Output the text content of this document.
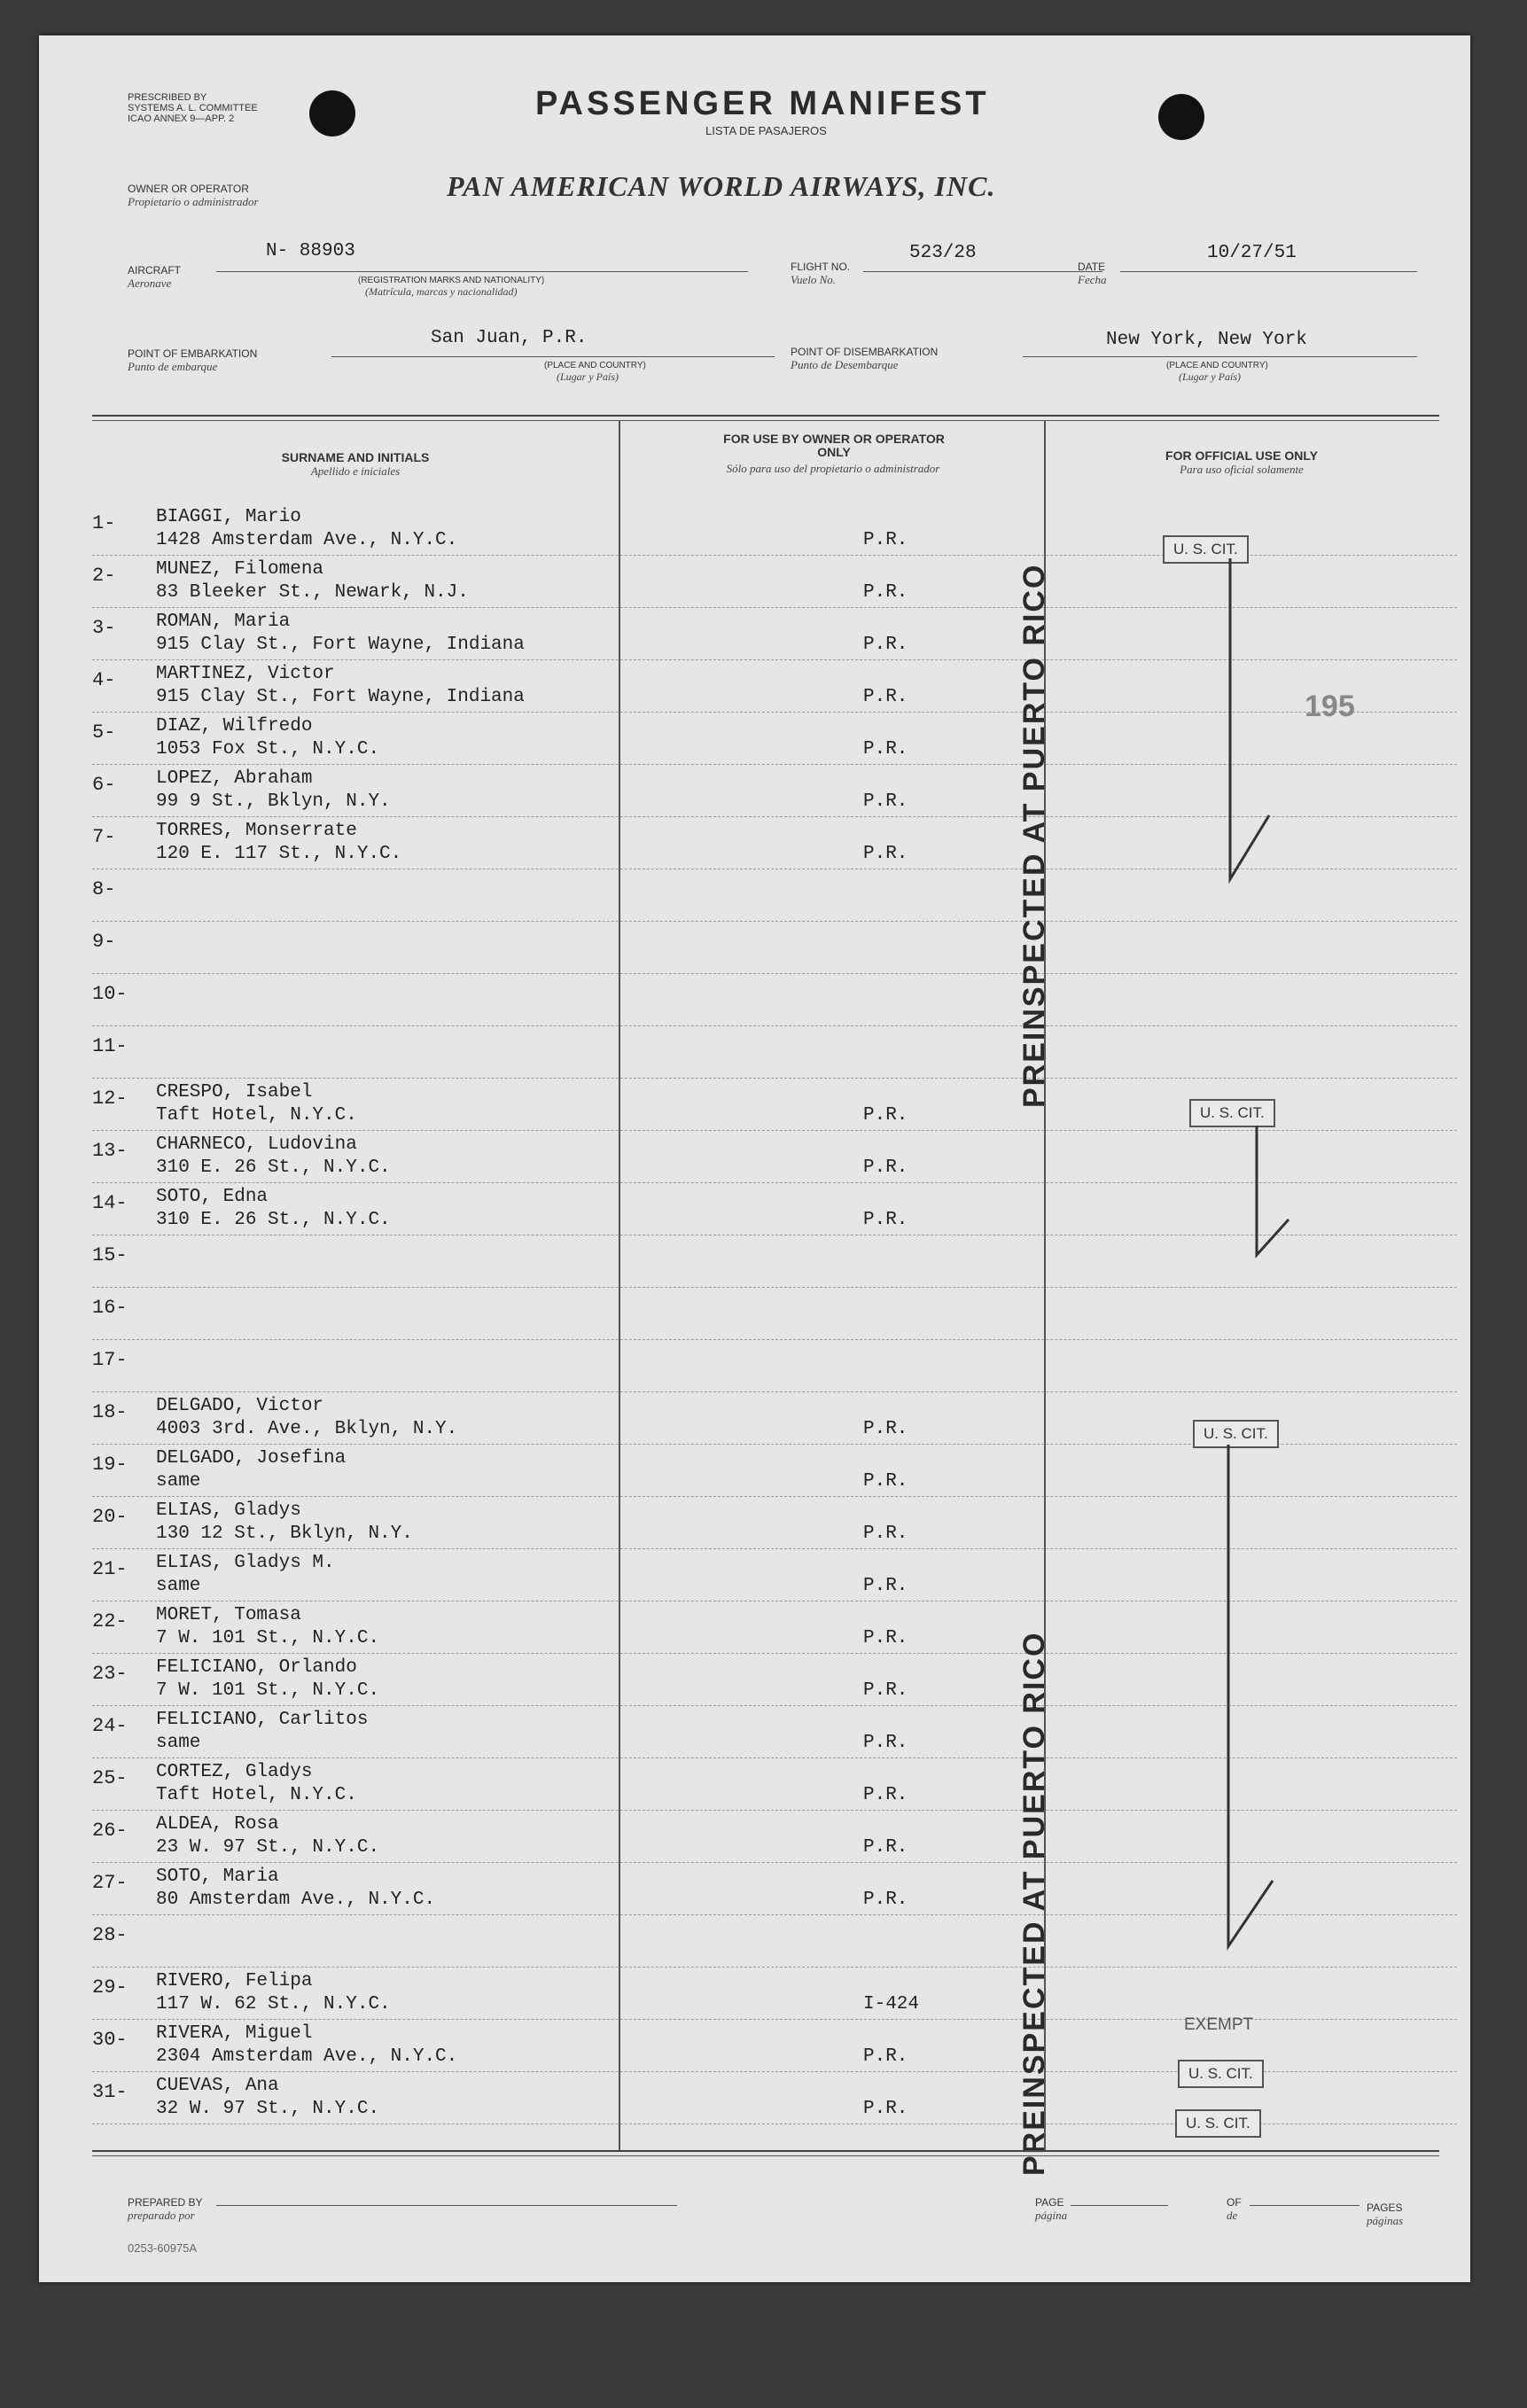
PRESCRIBED BY
SYSTEMS A. L. COMMITTEE
ICAO ANNEX 9—APP. 2	PASSENGER MANIFEST
LISTA DE PASAJEROS
OWNER OR OPERATOR
Propietario o administrador	PAN AMERICAN WORLD AIRWAYS, INC.
AIRCRAFT
Aeronave
N- 88903
(REGISTRATION MARKS AND NATIONALITY)
(Matrícula, marcas y nacionalidad)
FLIGHT NO.
Vuelo No.
523/28
DATE
Fecha
10/27/51
POINT OF EMBARKATION
Punto de embarque
San Juan, P.R.
(PLACE AND COUNTRY)
(Lugar y País)
POINT OF DISEMBARKATION
Punto de Desembarque
New York, New York
(PLACE AND COUNTRY)
(Lugar y País)
SURNAME AND INITIALS
Apellido e iniciales
FOR USE BY OWNER OR OPERATOR ONLY
Sólo para uso del propietario o administrador
FOR OFFICIAL USE ONLY
Para uso oficial solamente
1- BIAGGI, Mario
1428 Amsterdam Ave., N.Y.C.	P.R.
2- MUNEZ, Filomena
83 Bleeker St., Newark, N.J.	P.R.
3- ROMAN, Maria
915 Clay St., Fort Wayne, Indiana	P.R.
4- MARTINEZ, Victor
915 Clay St., Fort Wayne, Indiana	P.R.
5- DIAZ, Wilfredo
1053 Fox St., N.Y.C.	P.R.
6- LOPEZ, Abraham
99 9 St., Bklyn, N.Y.	P.R.
7- TORRES, Monserrate
120 E. 117 St., N.Y.C.	P.R.
8-
9-
10-
11-
12- CRESPO, Isabel
Taft Hotel, N.Y.C.	P.R.
13- CHARNECO, Ludovina
310 E. 26 St., N.Y.C.	P.R.
14- SOTO, Edna
310 E. 26 St., N.Y.C.	P.R.
15-
16-
17-
18- DELGADO, Victor
4003 3rd. Ave., Bklyn, N.Y.	P.R.
19- DELGADO, Josefina
same	P.R.
20- ELIAS, Gladys
130 12 St., Bklyn, N.Y.	P.R.
21- ELIAS, Gladys M.
same	P.R.
22- MORET, Tomasa
7 W. 101 St., N.Y.C.	P.R.
23- FELICIANO, Orlando
7 W. 101 St., N.Y.C.	P.R.
24- FELICIANO, Carlitos
same	P.R.
25- CORTEZ, Gladys
Taft Hotel, N.Y.C.	P.R.
26- ALDEA, Rosa
23 W. 97 St., N.Y.C.	P.R.
27- SOTO, Maria
80 Amsterdam Ave., N.Y.C.	P.R.
28-
29- RIVERO, Felipa
117 W. 62 St., N.Y.C.	I-424
30- RIVERA, Miguel
2304 Amsterdam Ave., N.Y.C.	P.R.
31- CUEVAS, Ana
32 W. 97 St., N.Y.C.	P.R.
PREINSPECTED AT PUERTO RICO
PREINSPECTED AT PUERTO RICO
U. S. CIT.
U. S. CIT.
U. S. CIT.
U. S. CIT.
U. S. CIT.
EXEMPT
195
PREPARED BY
preparado por
PAGE
página
OF
de
PAGES
páginas
0253-60975A
